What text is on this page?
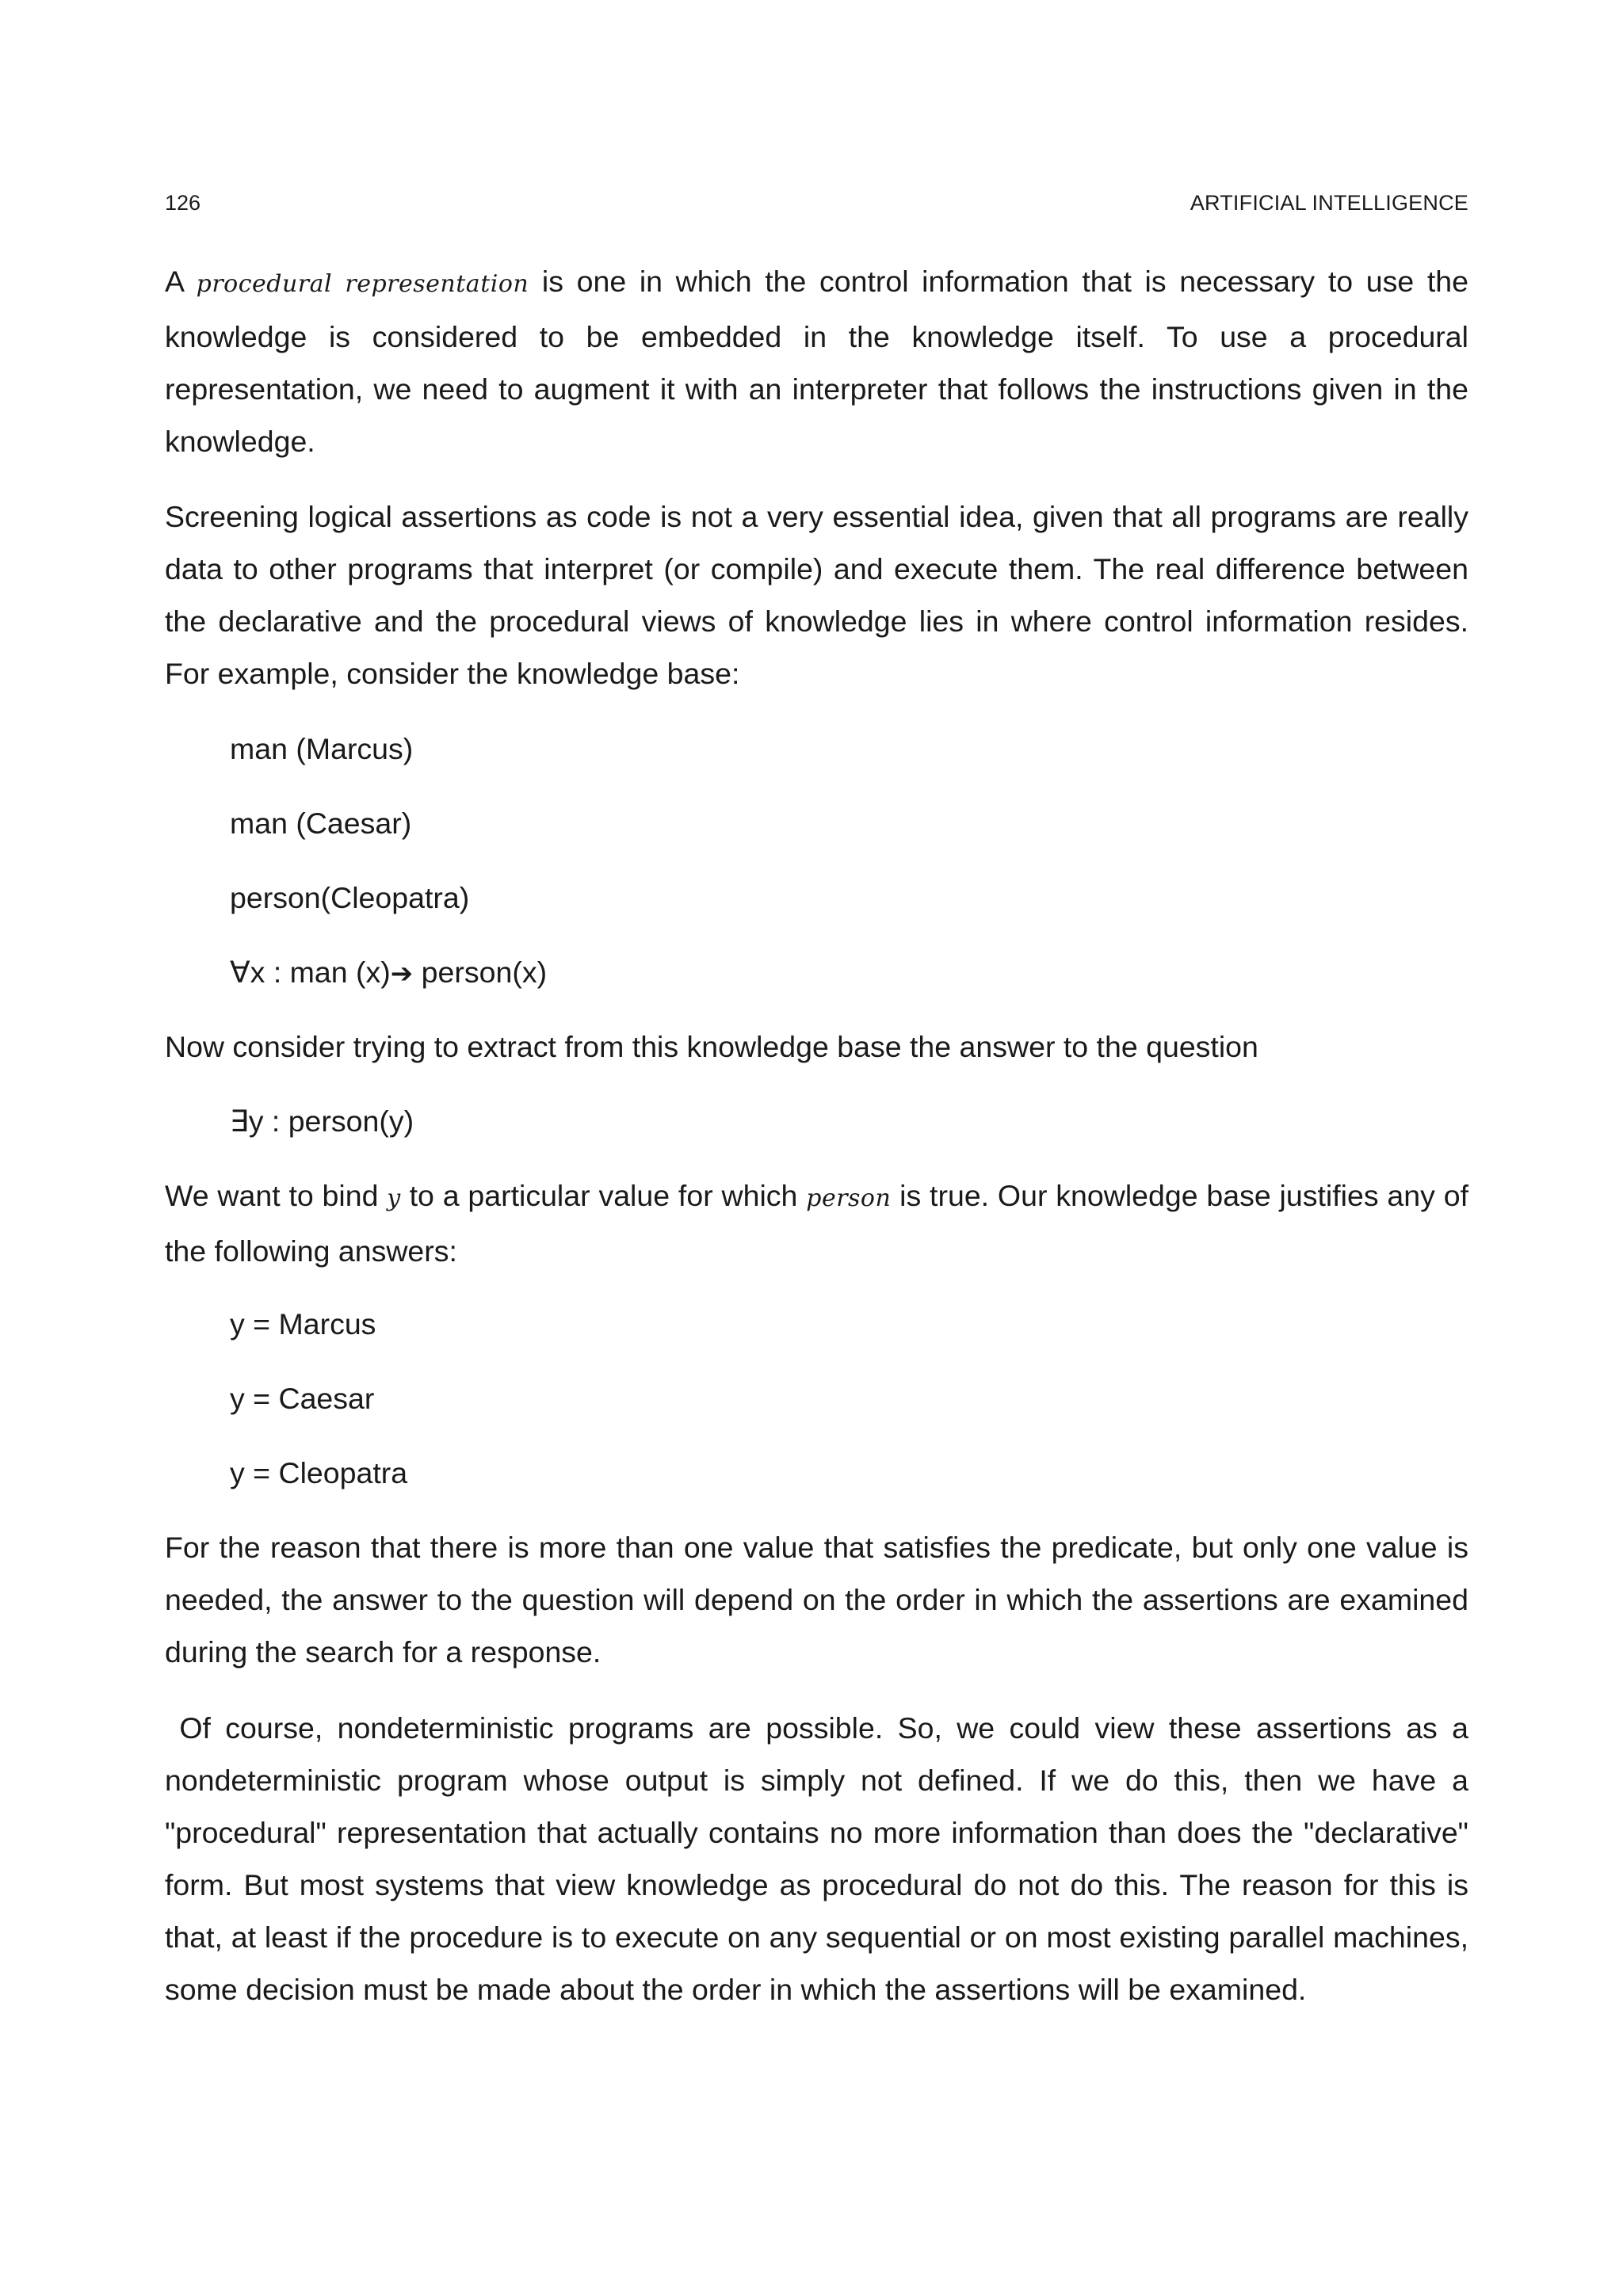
126	ARTIFICIAL INTELLIGENCE

A procedural representation is one in which the control information that is necessary to use the knowledge is considered to be embedded in the knowledge itself. To use a procedural representation, we need to augment it with an interpreter that follows the instructions given in the knowledge.

Screening logical assertions as code is not a very essential idea, given that all programs are really data to other programs that interpret (or compile) and execute them. The real difference between the declarative and the procedural views of knowledge lies in where control information resides. For example, consider the knowledge base:

man (Marcus)
man (Caesar)
person(Cleopatra)
∀x : man (x)➔ person(x)

Now consider trying to extract from this knowledge base the answer to the question

∃y : person(y)

We want to bind y to a particular value for which person is true. Our knowledge base justifies any of the following answers:

y = Marcus
y = Caesar
y = Cleopatra

For the reason that there is more than one value that satisfies the predicate, but only one value is needed, the answer to the question will depend on the order in which the assertions are examined during the search for a response.

Of course, nondeterministic programs are possible. So, we could view these assertions as a nondeterministic program whose output is simply not defined. If we do this, then we have a "procedural" representation that actually contains no more information than does the "declarative" form. But most systems that view knowledge as procedural do not do this. The reason for this is that, at least if the procedure is to execute on any sequential or on most existing parallel machines, some decision must be made about the order in which the assertions will be examined.
